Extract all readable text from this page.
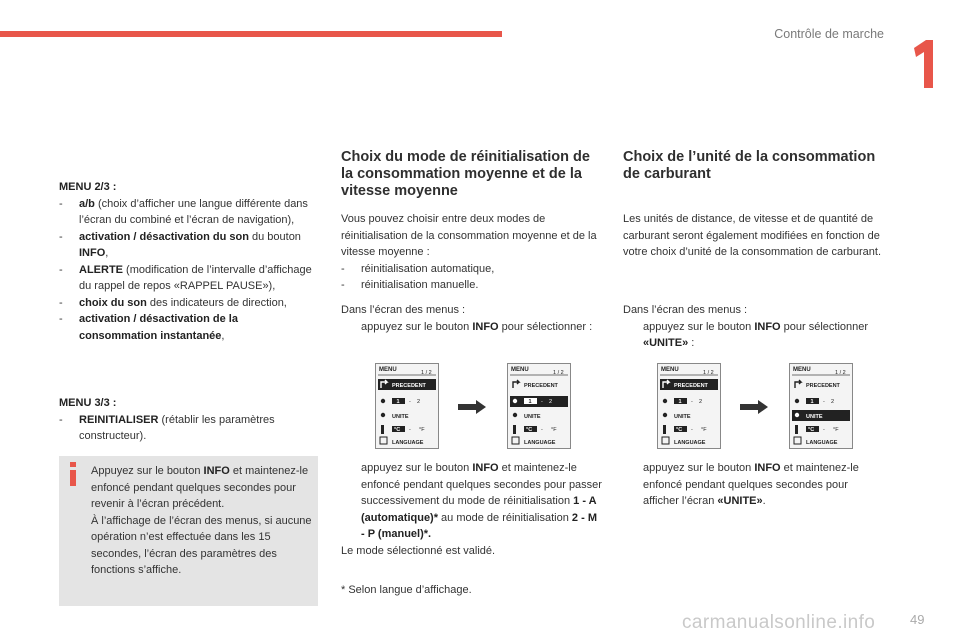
Contrôle de marche

MENU 2/3 :

- a/b (choix d’afficher une langue différente dans l’écran du combiné et l’écran de navigation),

- activation / désactivation du son du bouton INFO,

- ALERTE (modification de l’intervalle d’affichage du rappel de repos «RAPPEL PAUSE»),

- choix du son des indicateurs de direction,

- activation / désactivation de la consommation instantanée,

MENU 3/3 :

- REINITIALISER (rétablir les paramètres constructeur).

Appuyez sur le bouton INFO et maintenez-le enfoncé pendant quelques secondes pour revenir à l’écran précédent.
À l’affichage de l’écran des menus, si aucune opération n’est effectuée dans les 15 secondes, l’écran des paramètres des fonctions s’affiche.
Choix du mode de réinitialisation de la consommation moyenne et de la vitesse moyenne

Vous pouvez choisir entre deux modes de réinitialisation de la consommation moyenne et de la vitesse moyenne :

- réinitialisation automatique,

- réinitialisation manuelle.

Dans l’écran des menus :

appuyez sur le bouton INFO pour sélectionner :

appuyez sur le bouton INFO et maintenez-le enfoncé pendant quelques secondes pour passer successivement du mode de réinitialisation 1 - A (automatique)* au mode de réinitialisation 2 - M - P (manuel)*.

Le mode sélectionné est validé.

* Selon langue d’affichage.
Choix de l’unité de la consommation de carburant
Les unités de distance, de vitesse et de quantité de carburant seront également modifiées en fonction de votre choix d’unité de la consommation de carburant.

Dans l’écran des menus :

appuyez sur le bouton INFO pour sélectionner «UNITE» :

appuyez sur le bouton INFO et maintenez-le enfoncé pendant quelques secondes pour afficher l’écran «UNITE».

MENU	1 / 2
PRECEDENT
1 - 2
UNITE
°C - °F
LANGUAGE
MENU	1 / 2
PRECEDENT
1 - 2
UNITE
°C - °F
LANGUAGE
MENU	1 / 2
PRECEDENT
1 - 2
UNITE
°C - °F
LANGUAGE
MENU	1 / 2
PRECEDENT
1 - 2
UNITE
°C - °F
LANGUAGE
carmanualsonline.info	49
